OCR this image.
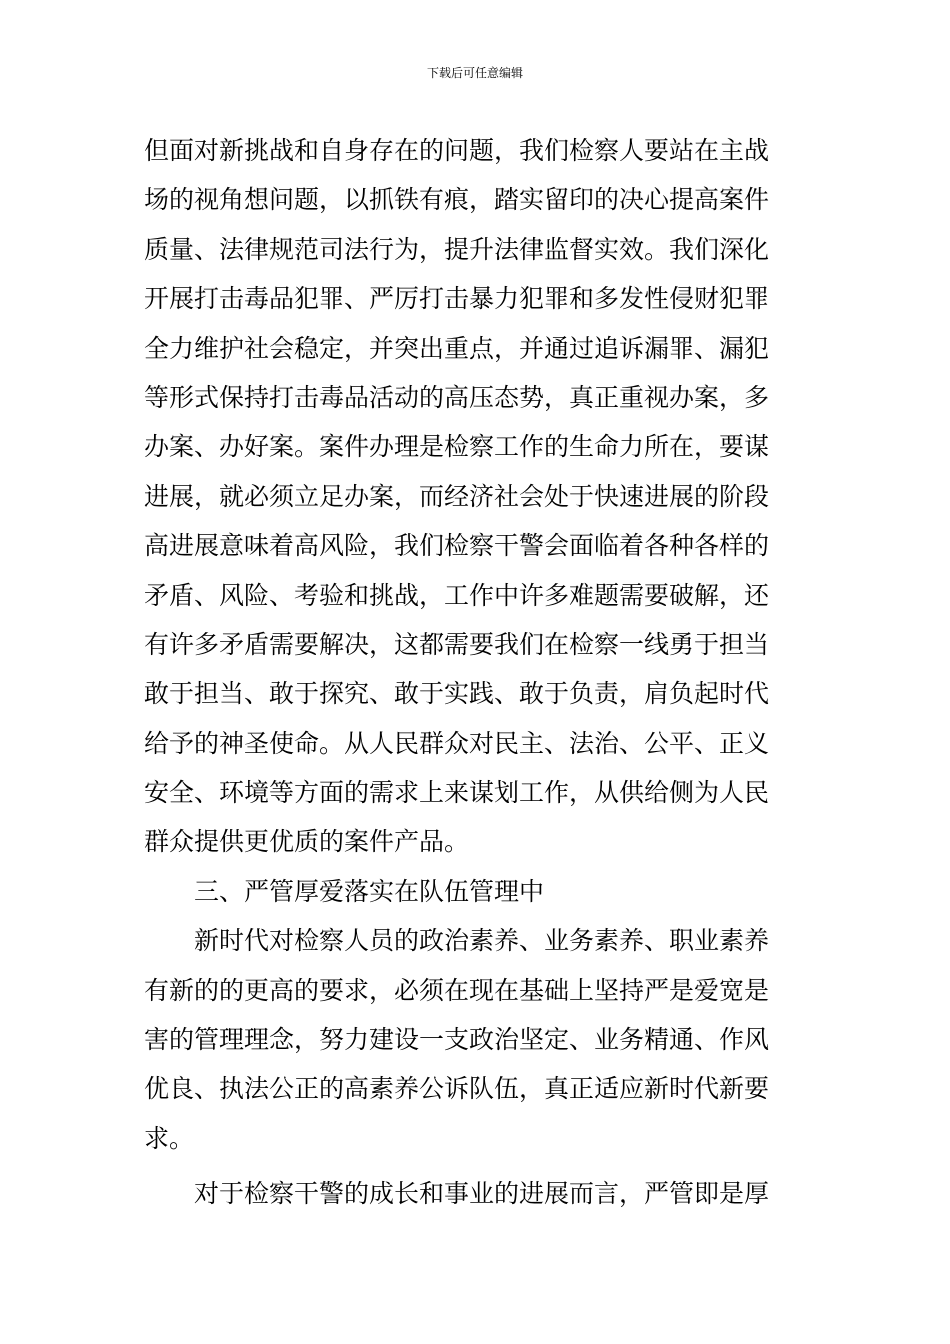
下载后可任意编辑
但面对新挑战和自身存在的问题，我们检察人要站在主战
场的视角想问题，以抓铁有痕，踏实留印的决心提高案件
质量、法律规范司法行为，提升法律监督实效。我们深化
开展打击毒品犯罪、严厉打击暴力犯罪和多发性侵财犯罪
全力维护社会稳定，并突出重点，并通过追诉漏罪、漏犯
等形式保持打击毒品活动的高压态势，真正重视办案，多
办案、办好案。案件办理是检察工作的生命力所在，要谋
进展，就必须立足办案，而经济社会处于快速进展的阶段
高进展意味着高风险，我们检察干警会面临着各种各样的
矛盾、风险、考验和挑战，工作中许多难题需要破解，还
有许多矛盾需要解决，这都需要我们在检察一线勇于担当
敢于担当、敢于探究、敢于实践、敢于负责，肩负起时代
给予的神圣使命。从人民群众对民主、法治、公平、正义
安全、环境等方面的需求上来谋划工作，从供给侧为人民
群众提供更优质的案件产品。
　　三、严管厚爱落实在队伍管理中
　　新时代对检察人员的政治素养、业务素养、职业素养
有新的的更高的要求，必须在现在基础上坚持严是爱宽是
害的管理理念，努力建设一支政治坚定、业务精通、作风
优良、执法公正的高素养公诉队伍，真正适应新时代新要
求。
　　对于检察干警的成长和事业的进展而言，严管即是厚
